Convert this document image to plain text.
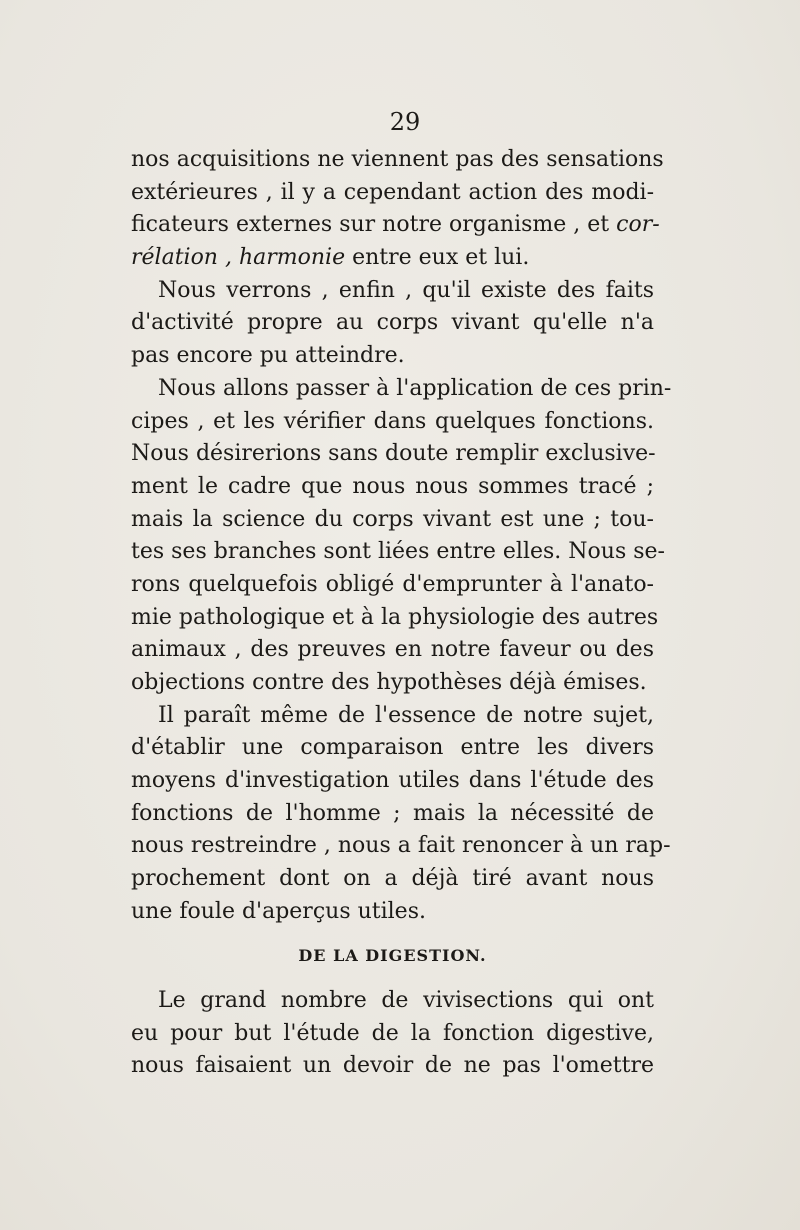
29
nos acquisitions ne viennent pas des sensations
extérieures , il y a cependant action des modi-
ficateurs externes sur notre organisme , et cor-
rélation , harmonie entre eux et lui.
Nous verrons , enfin , qu'il existe des faits
d'activité propre au corps vivant qu'elle n'a
pas encore pu atteindre.
Nous allons passer à l'application de ces prin-
cipes , et les vérifier dans quelques fonctions.
Nous désirerions sans doute remplir exclusive-
ment le cadre que nous nous sommes tracé ;
mais la science du corps vivant est une ; tou-
tes ses branches sont liées entre elles. Nous se-
rons quelquefois obligé d'emprunter à l'anato-
mie pathologique et à la physiologie des autres
animaux , des preuves en notre faveur ou des
objections contre des hypothèses déjà émises.
Il paraît même de l'essence de notre sujet,
d'établir une comparaison entre les divers
moyens d'investigation utiles dans l'étude des
fonctions de l'homme ; mais la nécessité de
nous restreindre , nous a fait renoncer à un rap-
prochement dont on a déjà tiré avant nous
une foule d'aperçus utiles.
DE LA DIGESTION.
Le grand nombre de vivisections qui ont
eu pour but l'étude de la fonction digestive,
nous faisaient un devoir de ne pas l'omettre
